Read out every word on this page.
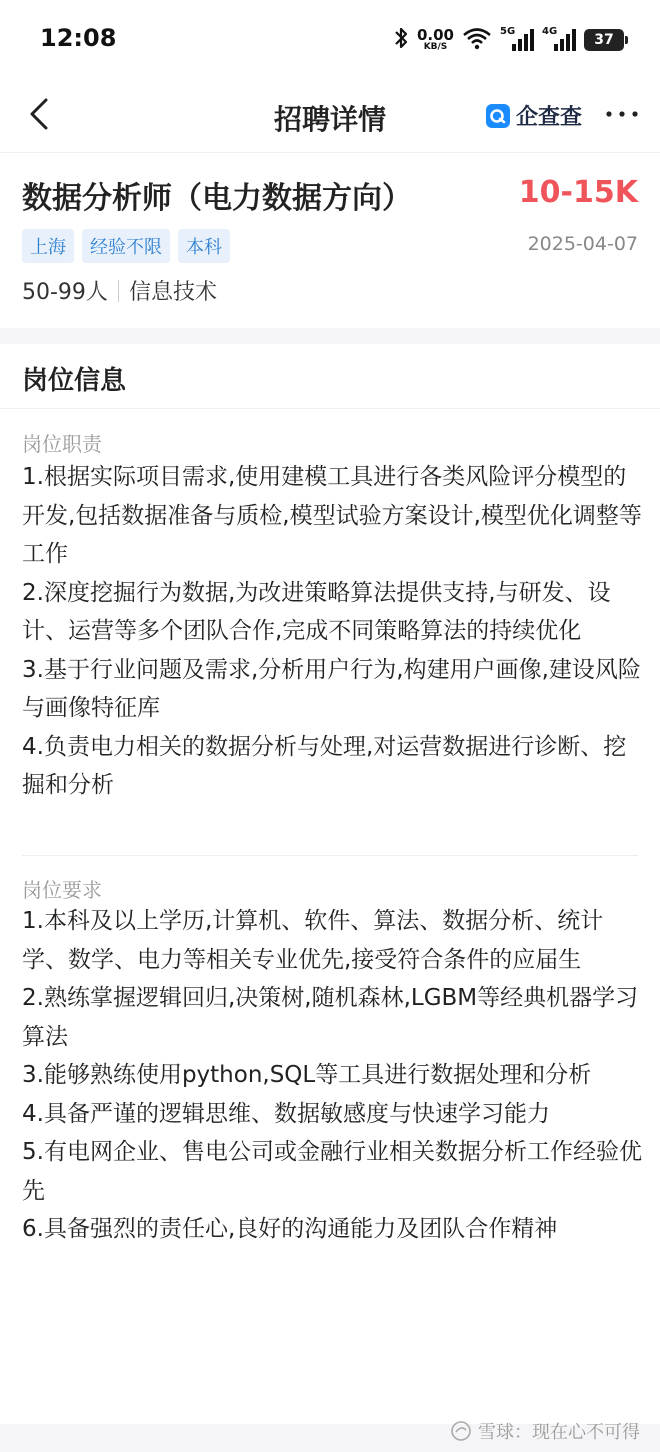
12:08	0.00
KB/S
5G	4G
37
招聘详情	企查查
数据分析师（电力数据方向）	10-15K
上海	经验不限	本科	2025-04-07
50-99人 信息技术
岗位信息
岗位职责

1.根据实际项目需求,使用建模工具进行各类风险评分模型的开发,包括数据准备与质检,模型试验方案设计,模型优化调整等工作

2.深度挖掘行为数据,为改进策略算法提供支持,与研发、设计、运营等多个团队合作,完成不同策略算法的持续优化

3.基于行业问题及需求,分析用户行为,构建用户画像,建设风险与画像特征库

4.负责电力相关的数据分析与处理,对运营数据进行诊断、挖掘和分析

岗位要求

1.本科及以上学历,计算机、软件、算法、数据分析、统计学、数学、电力等相关专业优先,接受符合条件的应届生

2.熟练掌握逻辑回归,决策树,随机森林,LGBM等经典机器学习算法

3.能够熟练使用python,SQL等工具进行数据处理和分析

4.具备严谨的逻辑思维、数据敏感度与快速学习能力

5.有电网企业、售电公司或金融行业相关数据分析工作经验优先

6.具备强烈的责任心,良好的沟通能力及团队合作精神

雪球：现在心不可得
